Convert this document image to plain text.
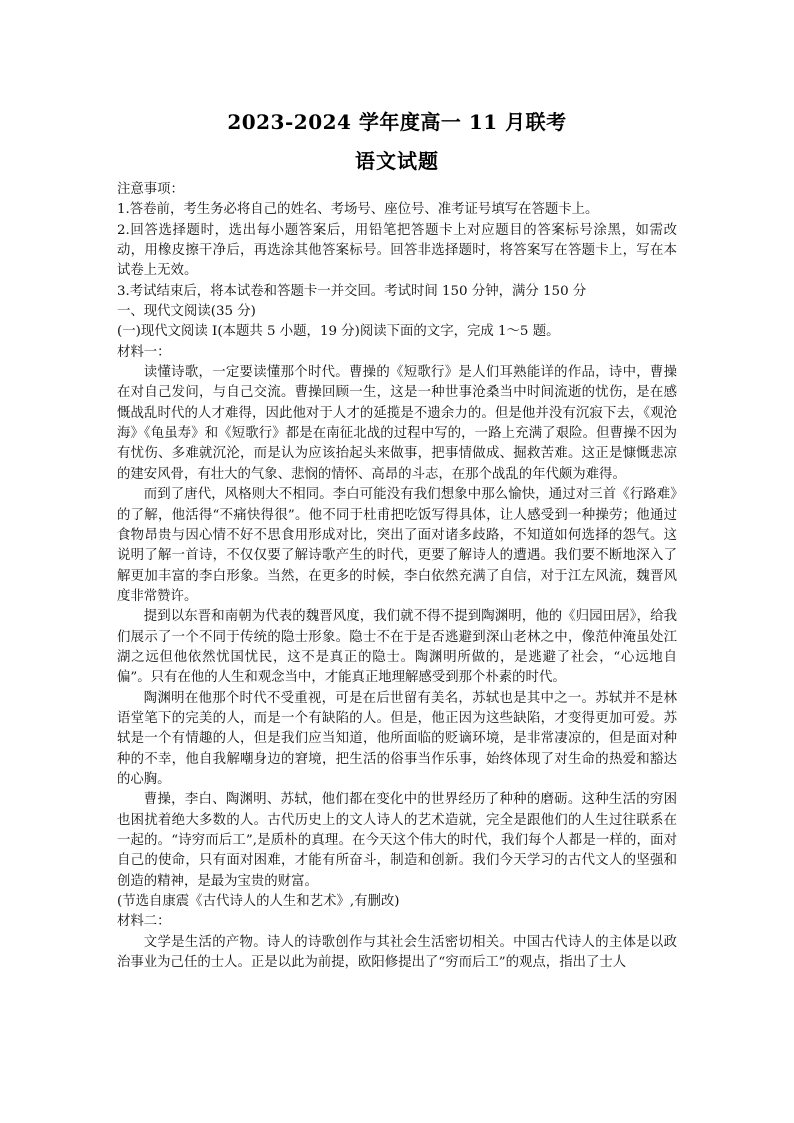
2023-2024 学年度高一 11 月联考
语文试题

注意事项：

1.答卷前，考生务必将自己的姓名、考场号、座位号、准考证号填写在答题卡上。

2.回答选择题时，选出每小题答案后，用铅笔把答题卡上对应题目的答案标号涂黑，如需改动，用橡皮擦干净后，再选涂其他答案标号。回答非选择题时，将答案写在答题卡上，写在本试卷上无效。

3.考试结束后，将本试卷和答题卡一并交回。考试时间 150 分钟，满分 150 分

一、现代文阅读(35 分)

(一)现代文阅读 I(本题共 5 小题，19 分)阅读下面的文字，完成 1～5 题。

材料一：

读懂诗歌，一定要读懂那个时代。曹操的《短歌行》是人们耳熟能详的作品，诗中，曹操在对自己发问，与自己交流。曹操回顾一生，这是一种世事沧桑当中时间流逝的忧伤，是在感慨战乱时代的人才难得，因此他对于人才的延揽是不遗余力的。但是他并没有沉寂下去，《观沧海》《龟虽寿》和《短歌行》都是在南征北战的过程中写的，一路上充满了艰险。但曹操不因为有忧伤、多难就沉沦，而是认为应该抬起头来做事，把事情做成、掘救苦难。这正是慷慨悲凉的建安风骨，有壮大的气象、悲悯的情怀、高昂的斗志，在那个战乱的年代颇为难得。

而到了唐代，风格则大不相同。李白可能没有我们想象中那么愉快，通过对三首《行路难》的了解，他活得“不痛快得很”。他不同于杜甫把吃饭写得具体，让人感受到一种操劳；他通过食物昂贵与因心情不好不思食用形成对比，突出了面对诸多歧路，不知道如何选择的怨气。这说明了解一首诗，不仅仅要了解诗歌产生的时代，更要了解诗人的遭遇。我们要不断地深入了解更加丰富的李白形象。当然，在更多的时候，李白依然充满了自信，对于江左风流，魏晋风度非常赞许。

提到以东晋和南朝为代表的魏晋风度，我们就不得不提到陶渊明，他的《归园田居》，给我们展示了一个不同于传统的隐士形象。隐士不在于是否逃避到深山老林之中，像范仲淹虽处江湖之远但他依然忧国忧民，这不是真正的隐士。陶渊明所做的，是逃避了社会，“心远地自偏”。只有在他的人生和观念当中，才能真正地理解感受到那个朴素的时代。

陶渊明在他那个时代不受重视，可是在后世留有美名，苏轼也是其中之一。苏轼并不是林语堂笔下的完美的人，而是一个有缺陷的人。但是，他正因为这些缺陷，才变得更加可爱。苏轼是一个有情趣的人，但是我们应当知道，他所面临的贬谪环境，是非常凄凉的，但是面对种种的不幸，他自我解嘲身边的窘境，把生活的俗事当作乐事，始终体现了对生命的热爱和豁达的心胸。

曹操，李白、陶渊明、苏轼，他们都在变化中的世界经历了种种的磨砺。这种生活的穷困也困扰着绝大多数的人。古代历史上的文人诗人的艺术造就，完全是跟他们的人生过往联系在一起的。“诗穷而后工”,是质朴的真理。在今天这个伟大的时代，我们每个人都是一样的，面对自己的使命，只有面对困难，才能有所奋斗，制造和创新。我们今天学习的古代文人的坚强和创造的精神，是最为宝贵的财富。

(节选自康震《古代诗人的人生和艺术》,有删改)

材料二：

文学是生活的产物。诗人的诗歌创作与其社会生活密切相关。中国古代诗人的主体是以政治事业为己任的士人。正是以此为前提，欧阳修提出了“穷而后工”的观点，指出了士人
